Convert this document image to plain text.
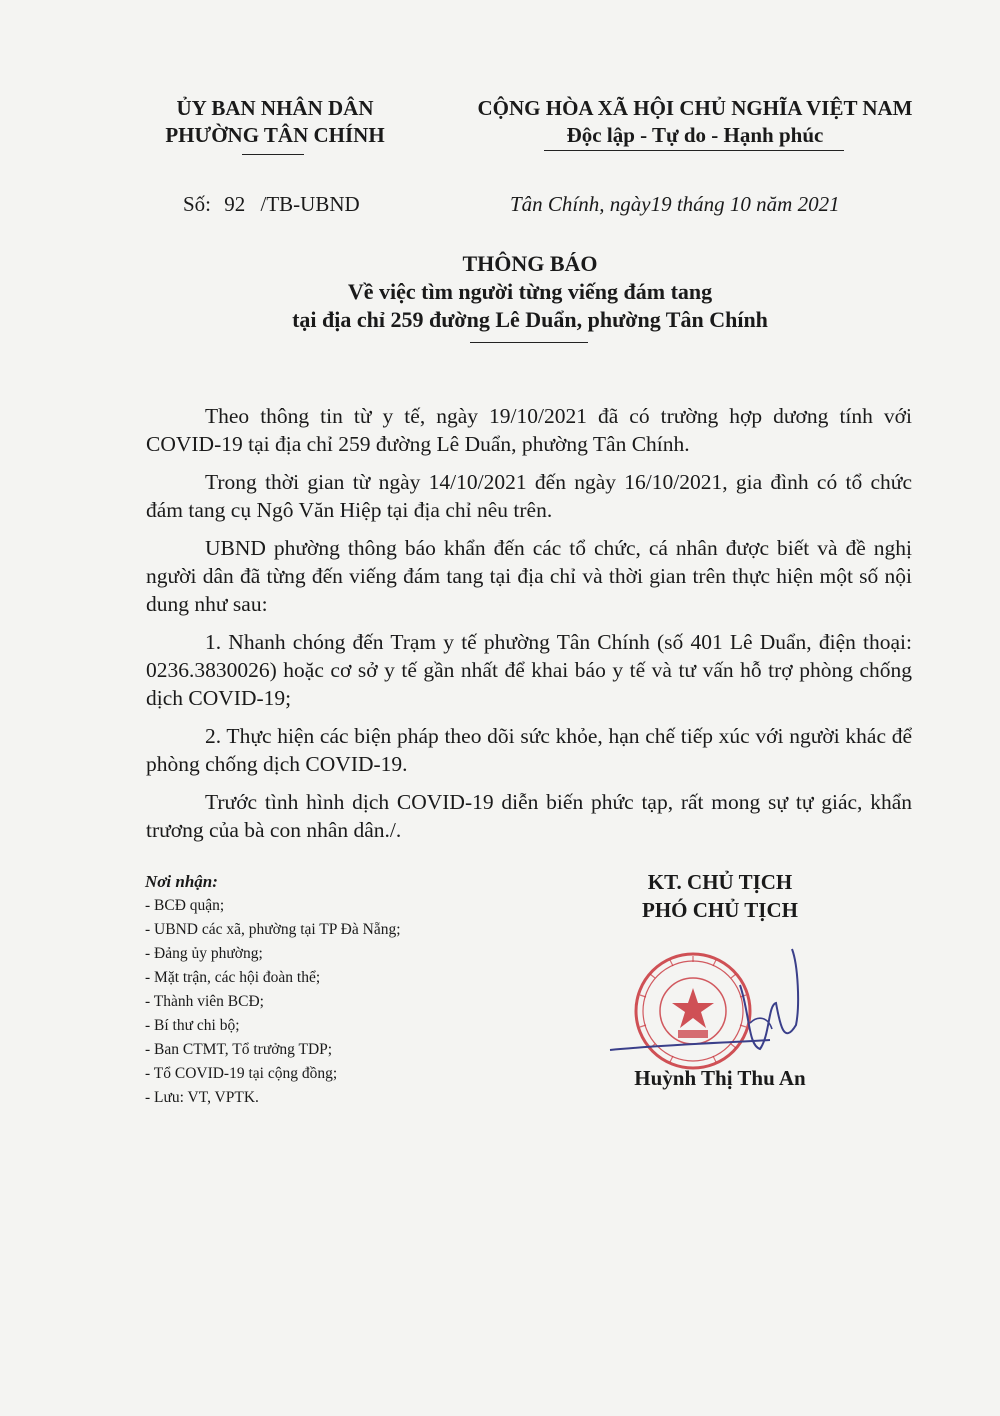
ỦY BAN NHÂN DÂN
PHƯỜNG TÂN CHÍNH
CỘNG HÒA XÃ HỘI CHỦ NGHĨA VIỆT NAM
Độc lập - Tự do - Hạnh phúc
Số: 92 /TB-UBND	Tân Chính, ngày19 tháng 10 năm 2021
THÔNG BÁO
Về việc tìm người từng viếng đám tang
tại địa chỉ 259 đường Lê Duẩn, phường Tân Chính

Theo thông tin từ y tế, ngày 19/10/2021 đã có trường hợp dương tính với COVID-19 tại địa chỉ 259 đường Lê Duẩn, phường Tân Chính.

Trong thời gian từ ngày 14/10/2021 đến ngày 16/10/2021, gia đình có tổ chức đám tang cụ Ngô Văn Hiệp tại địa chỉ nêu trên.

UBND phường thông báo khẩn đến các tổ chức, cá nhân được biết và đề nghị người dân đã từng đến viếng đám tang tại địa chỉ và thời gian trên thực hiện một số nội dung như sau:

1. Nhanh chóng đến Trạm y tế phường Tân Chính (số 401 Lê Duẩn, điện thoại: 0236.3830026) hoặc cơ sở y tế gần nhất để khai báo y tế và tư vấn hỗ trợ phòng chống dịch COVID-19;

2. Thực hiện các biện pháp theo dõi sức khỏe, hạn chế tiếp xúc với người khác để phòng chống dịch COVID-19.

Trước tình hình dịch COVID-19 diễn biến phức tạp, rất mong sự tự giác, khẩn trương của bà con nhân dân./.

Nơi nhận:
- BCĐ quận;
- UBND các xã, phường tại TP Đà Nẵng;
- Đảng ủy phường;
- Mặt trận, các hội đoàn thể;
- Thành viên BCĐ;
- Bí thư chi bộ;
- Ban CTMT, Tổ trưởng TDP;
- Tổ COVID-19 tại cộng đồng;
- Lưu: VT, VPTK.
KT. CHỦ TỊCH
PHÓ CHỦ TỊCH
Huỳnh Thị Thu An
